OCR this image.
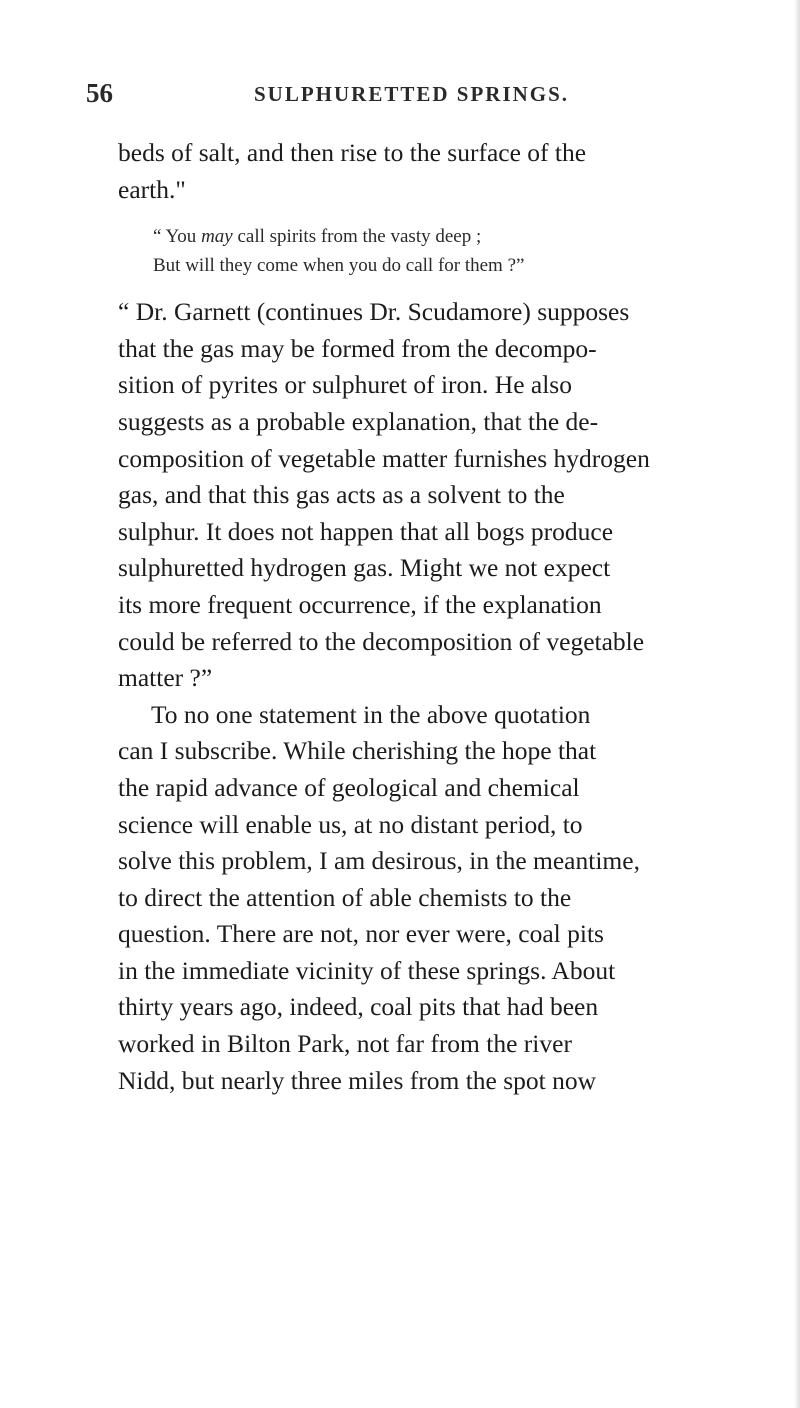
56	SULPHURETTED SPRINGS.
beds of salt, and then rise to the surface of the
earth."
“ You may call spirits from the vasty deep ;
But will they come when you do call for them ?”
“ Dr. Garnett (continues Dr. Scudamore) supposes
that the gas may be formed from the decompo-
sition of pyrites or sulphuret of iron. He also
suggests as a probable explanation, that the de-
composition of vegetable matter furnishes hydrogen
gas, and that this gas acts as a solvent to the
sulphur. It does not happen that all bogs produce
sulphuretted hydrogen gas. Might we not expect
its more frequent occurrence, if the explanation
could be referred to the decomposition of vegetable
matter ?”
To no one statement in the above quotation
can I subscribe. While cherishing the hope that
the rapid advance of geological and chemical
science will enable us, at no distant period, to
solve this problem, I am desirous, in the meantime,
to direct the attention of able chemists to the
question. There are not, nor ever were, coal pits
in the immediate vicinity of these springs. About
thirty years ago, indeed, coal pits that had been
worked in Bilton Park, not far from the river
Nidd, but nearly three miles from the spot now
